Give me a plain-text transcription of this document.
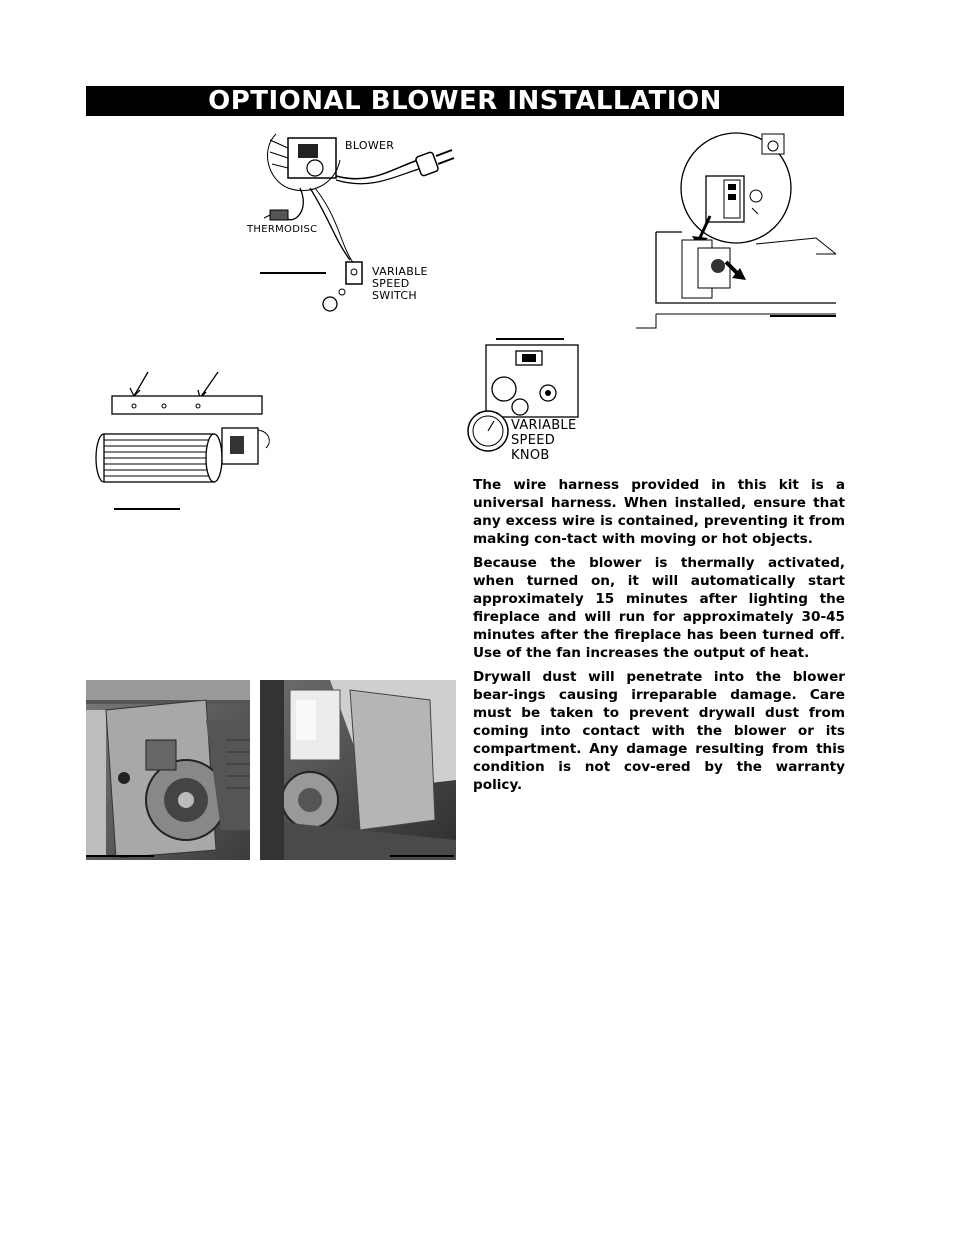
OPTIONAL BLOWER INSTALLATION
BLOWER
THERMODISC
VARIABLE
SPEED
SWITCH
VARIABLE
SPEED
KNOB

The wire harness provided in this kit is a universal harness. When installed, ensure that any excess wire is contained, preventing it from making con-tact with moving or hot objects.

Because the blower is thermally activated, when turned on, it will automatically start approximately 15 minutes after lighting the fireplace and will run for approximately 30-45 minutes after the fireplace has been turned off. Use of the fan increases the output of heat.

Drywall dust will penetrate into the blower bear-ings causing irreparable damage. Care must be taken to prevent drywall dust from coming into contact with the blower or its compartment. Any damage resulting from this condition is not cov-ered by the warranty policy.
